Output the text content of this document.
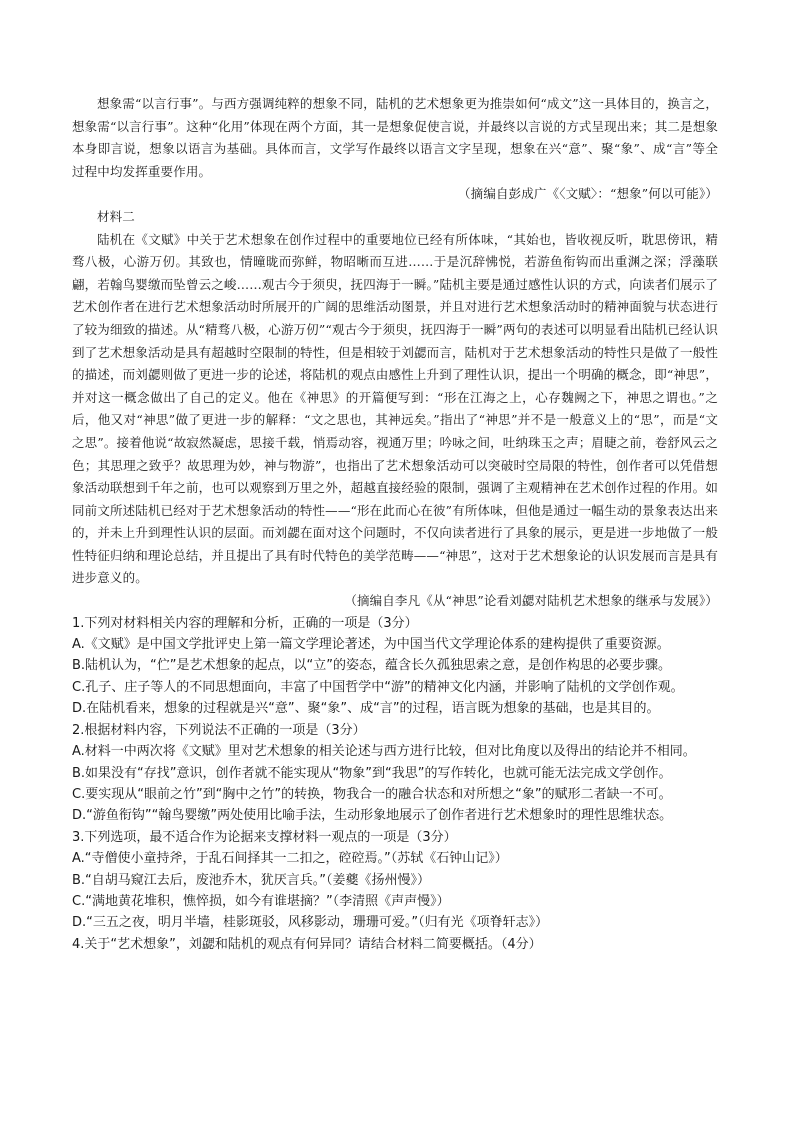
想象需“以言行事”。与西方强调纯粹的想象不同，陆机的艺术想象更为推崇如何“成文”这一具体目的，换言之，想象需“以言行事”。这种“化用”体现在两个方面，其一是想象促使言说，并最终以言说的方式呈现出来；其二是想象本身即言说，想象以语言为基础。具体而言，文学写作最终以语言文字呈现，想象在兴“意”、聚“象”、成“言”等全过程中均发挥重要作用。

（摘编自彭成广《〈文赋〉：“想象”何以可能》）

材料二

陆机在《文赋》中关于艺术想象在创作过程中的重要地位已经有所体味，“其始也，皆收视反听，耽思傍讯，精骛八极，心游万仞。其致也，情曈昽而弥鲜，物昭晰而互进……于是沉辞怫悦，若游鱼衔钩而出重渊之深；浮藻联翩，若翰鸟婴缴而坠曾云之峻……观古今于须臾，抚四海于一瞬。”陆机主要是通过感性认识的方式，向读者们展示了艺术创作者在进行艺术想象活动时所展开的广阔的思维活动图景，并且对进行艺术想象活动时的精神面貌与状态进行了较为细致的描述。从“精骛八极，心游万仞”“观古今于须臾，抚四海于一瞬”两句的表述可以明显看出陆机已经认识到了艺术想象活动是具有超越时空限制的特性，但是相较于刘勰而言，陆机对于艺术想象活动的特性只是做了一般性的描述，而刘勰则做了更进一步的论述，将陆机的观点由感性上升到了理性认识，提出一个明确的概念，即“神思”，并对这一概念做出了自己的定义。他在《神思》的开篇便写到：“形在江海之上，心存魏阙之下，神思之谓也。”之后，他又对“神思”做了更进一步的解释：“文之思也，其神远矣。”指出了“神思”并不是一般意义上的“思”，而是“文之思”。接着他说“故寂然凝虑，思接千载，悄焉动容，视通万里；吟咏之间，吐纳珠玉之声；眉睫之前，卷舒风云之色；其思理之致乎？故思理为妙，神与物游”，也指出了艺术想象活动可以突破时空局限的特性，创作者可以凭借想象活动联想到千年之前，也可以观察到万里之外，超越直接经验的限制，强调了主观精神在艺术创作过程的作用。如同前文所述陆机已经对于艺术想象活动的特性——“形在此而心在彼”有所体味，但他是通过一幅生动的景象表达出来的，并未上升到理性认识的层面。而刘勰在面对这个问题时，不仅向读者进行了具象的展示，更是进一步地做了一般性特征归纳和理论总结，并且提出了具有时代特色的美学范畴——“神思”，这对于艺术想象论的认识发展而言是具有进步意义的。

（摘编自李凡《从“神思”论看刘勰对陆机艺术想象的继承与发展》）

1.下列对材料相关内容的理解和分析，正确的一项是（3分）

A.《文赋》是中国文学批评史上第一篇文学理论著述，为中国当代文学理论体系的建构提供了重要资源。

B.陆机认为，“伫”是艺术想象的起点，以“立”的姿态，蕴含长久孤独思索之意，是创作构思的必要步骤。

C.孔子、庄子等人的不同思想面向，丰富了中国哲学中“游”的精神文化内涵，并影响了陆机的文学创作观。

D.在陆机看来，想象的过程就是兴“意”、聚“象”、成“言”的过程，语言既为想象的基础，也是其目的。

2.根据材料内容，下列说法不正确的一项是（3分）

A.材料一中两次将《文赋》里对艺术想象的相关论述与西方进行比较，但对比角度以及得出的结论并不相同。

B.如果没有“存找”意识，创作者就不能实现从“物象”到“我思”的写作转化，也就可能无法完成文学创作。

C.要实现从“眼前之竹”到“胸中之竹”的转换，物我合一的融合状态和对所想之“象”的赋形二者缺一不可。

D.“游鱼衔钩”“翰鸟婴缴”两处使用比喻手法，生动形象地展示了创作者进行艺术想象时的理性思维状态。

3.下列选项，最不适合作为论据来支撑材料一观点的一项是（3分）

A.“寺僧使小童持斧，于乱石间择其一二扣之，硿硿焉。”（苏轼《石钟山记》）

B.“自胡马窥江去后，废池乔木，犹厌言兵。”（姜夔《扬州慢》）

C.“满地黄花堆积，憔悴损，如今有谁堪摘？”（李清照《声声慢》）

D.“三五之夜，明月半墙，桂影斑驳，风移影动，珊珊可爱。”（归有光《项脊轩志》）

4.关于“艺术想象”，刘勰和陆机的观点有何异同？请结合材料二简要概括。（4分）
